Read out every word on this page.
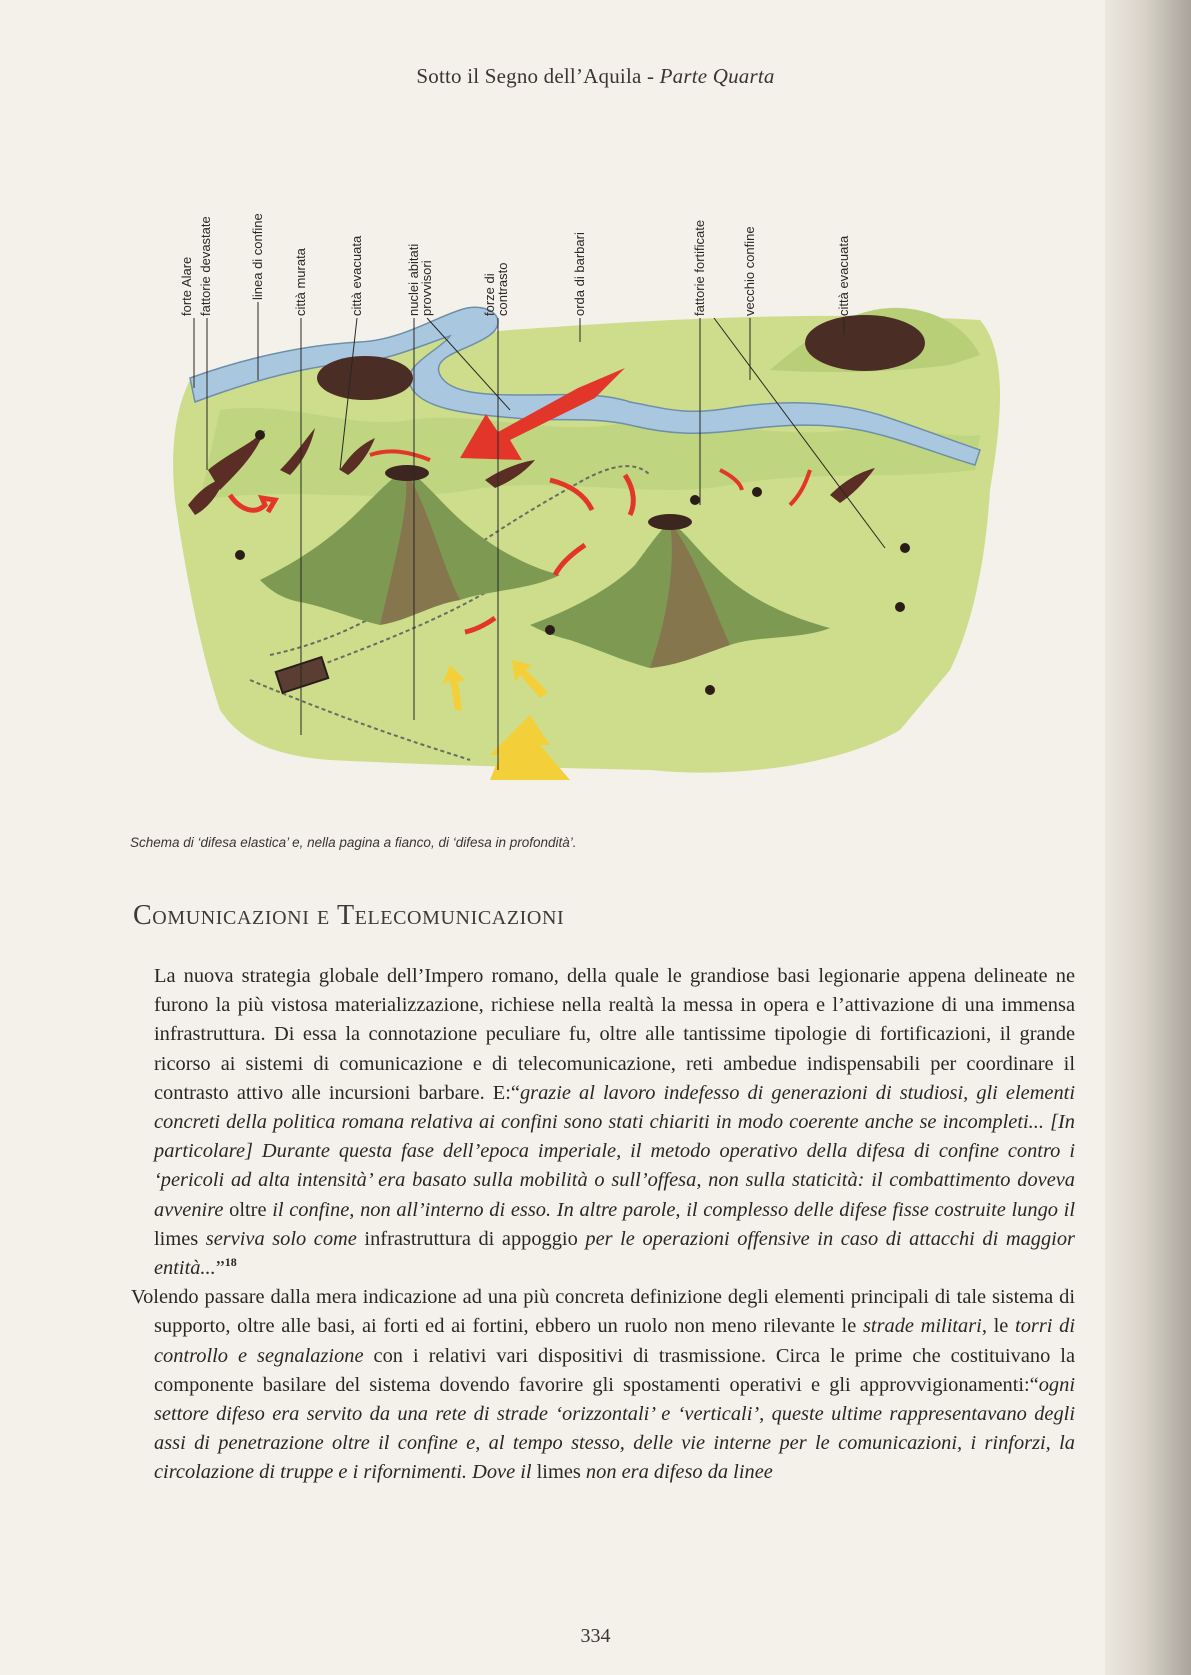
Sotto il Segno dell’Aquila - Parte Quarta
forte Alare fattorie devastate	linea di confine città murata	città evacuata	nuclei abitati
provvisori	forze di
contrasto	orda di barbari	fattorie fortificate	vecchio confine	città evacuata
Schema di ‘difesa elastica’ e, nella pagina a fianco, di ‘difesa in profondità’.
Comunicazioni e Telecomunicazioni

La nuova strategia globale dell’Impero romano, della quale le grandiose basi legionarie appena delineate ne furono la più vistosa materializzazione, richiese nella realtà la messa in opera e l’attivazione di una immensa infrastruttura. Di essa la connotazione peculiare fu, oltre alle tantissime tipologie di fortificazioni, il grande ricorso ai sistemi di comunicazione e di telecomunicazione, reti ambedue indispensabili per coordinare il contrasto attivo alle incursioni barbare. E:“grazie al lavoro indefesso di generazioni di studiosi, gli elementi concreti della politica romana relativa ai confini sono stati chiariti in modo coerente anche se incompleti... [In particolare] Durante questa fase dell’epoca imperiale, il metodo operativo della difesa di confine contro i ‘pericoli ad alta intensità’ era basato sulla mobilità o sull’offesa, non sulla staticità: il combattimento doveva avvenire oltre il confine, non all’interno di esso. In altre parole, il complesso delle difese fisse costruite lungo il limes serviva solo come infrastruttura di appoggio per le operazioni offensive in caso di attacchi di maggior entità...”$^{18}$

Volendo passare dalla mera indicazione ad una più concreta definizione degli elementi principali di tale sistema di supporto, oltre alle basi, ai forti ed ai fortini, ebbero un ruolo non meno rilevante le strade militari, le torri di controllo e segnalazione con i relativi vari dispositivi di trasmissione. Circa le prime che costituivano la componente basilare del sistema dovendo favorire gli spostamenti operativi e gli approvvigionamenti:“ogni settore difeso era servito da una rete di strade ‘orizzontali’ e ‘verticali’, queste ultime rappresentavano degli assi di penetrazione oltre il confine e, al tempo stesso, delle vie interne per le comunicazioni, i rinforzi, la circolazione di truppe e i rifornimenti. Dove il limes non era difeso da linee

334
